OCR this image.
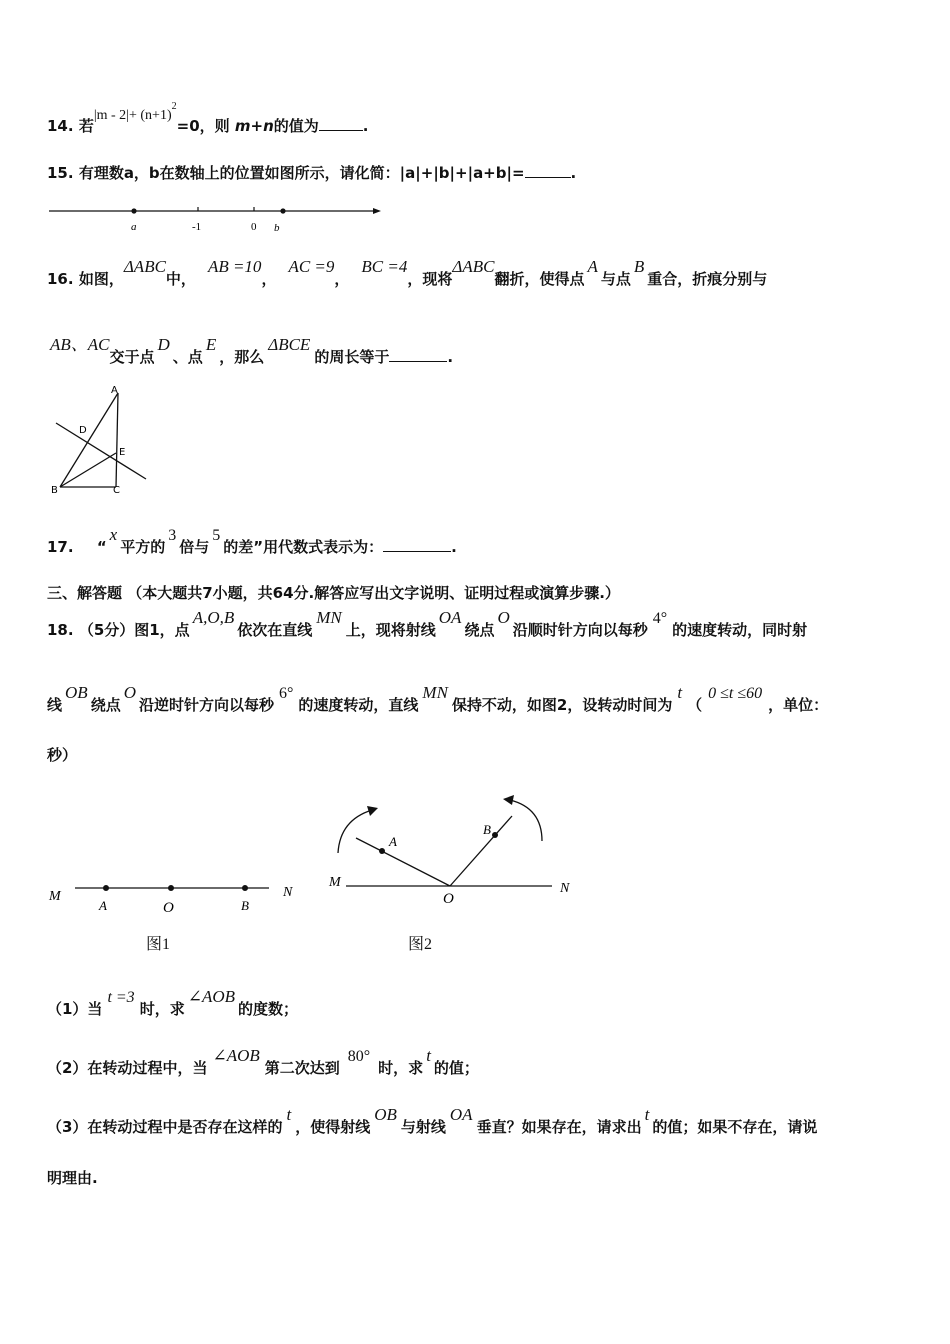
14. 若$|m - 2|+ (n+1)^2=0$，则 m+n的值为	.
15. 有理数a，b在数轴上的位置如图所示，请化简：|a|+|b|+|a+b|=	.
a	-1	0 b
16. 如图，ΔABC中，AB =10，AC =9，BC =4，现将ΔABC翻折，使得点A与点B重合，折痕分别与
AB、AC交于点D、点E，那么ΔBCE的周长等于	.
A
D
E
B	C
17. “x平方的3倍与5的差”用代数式表示为：	.
三、解答题 （本大题共7小题，共64分.解答应写出文字说明、证明过程或演算步骤.）
18. （5分）图1，点A,O,B依次在直线MN上，现将射线OA绕点O沿顺时针方向以每秒4°的速度转动，同时射
线OB绕点O沿逆时针方向以每秒6°的速度转动，直线MN保持不动，如图2，设转动时间为t（0 ≤t ≤60，单位：
秒）
M
A	O	B
N
图1
M
A
O
B
N
图2
（1）当t =3时，求∠AOB的度数；
（2）在转动过程中，当∠AOB第二次达到80°时，求t的值；
（3）在转动过程中是否存在这样的t，使得射线OB与射线OA垂直？如果存在，请求出t的值；如果不存在，请说
明理由.
